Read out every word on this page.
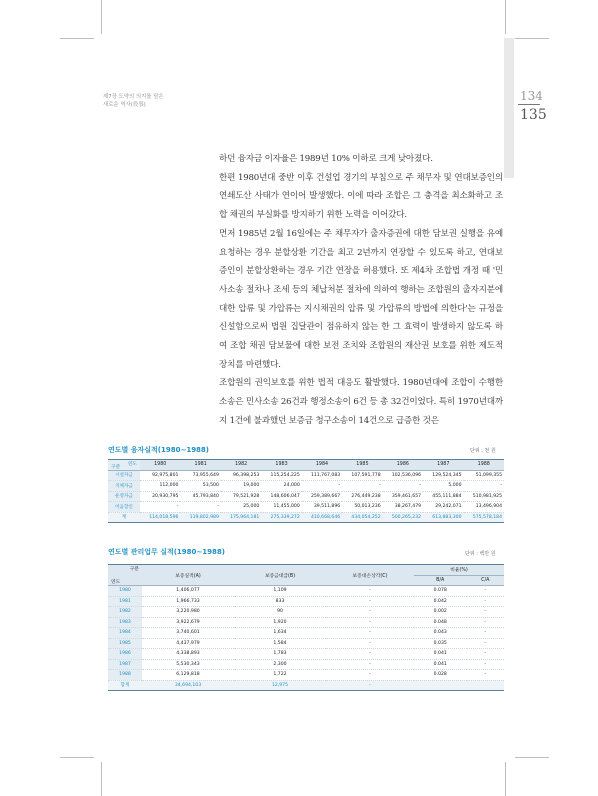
제7장 도약의 의지를 담은
새로운 역사(役事)
134
135

하던 융자금 이자율은 1989년 10% 이하로 크게 낮아졌다.

한편 1980년대 중반 이후 건설업 경기의 부침으로 주 채무자 및 연대보증인의 연쇄도산 사태가 연이어 발생했다. 이에 따라 조합은 그 충격을 최소화하고 조합 채권의 부실화를 방지하기 위한 노력을 이어갔다.

먼저 1985년 2월 16일에는 주 채무자가 출자증권에 대한 담보권 실행을 유예 요청하는 경우 분할상환 기간을 최고 2년까지 연장할 수 있도록 하고, 연대보증인이 분할상환하는 경우 기간 연장을 허용했다. 또 제4차 조합법 개정 때 '민사소송 절차나 조세 등의 체납처분 절차에 의하여 행하는 조합원의 출자지분에 대한 압류 및 가압류는 지시채권의 압류 및 가압류의 방법에 의한다'는 규정을 신설함으로써 법원 집달관이 점유하지 않는 한 그 효력이 발생하지 않도록 하여 조합 채권 담보물에 대한 보전 조치와 조합원의 재산권 보호를 위한 제도적 장치를 마련했다.

조합원의 권익보호를 위한 법적 대응도 활발했다. 1980년대에 조합이 수행한 소송은 민사소송 26건과 행정소송이 6건 등 총 32건이었다. 특히 1970년대까지 1건에 불과했던 보증금 청구소송이 14건으로 급증한 것은

연도별 융자실적(1980~1988)	단위 : 천 원
연도
구분	1980	1981	1982	1983	1984	1985	1986	1987	1988
시설자금	92,975,801	73,955,649	96,398,253	115,254,225	111,767,083	107,591,778	102,536,096	129,524,345	51,099,355
지체자금	112,000	53,500	19,000	24,000	-	-	-	5,000	-
운영자금	20,930,795	45,793,840	79,521,928	148,606,047	259,389,667	276,449,238	359,461,657	455,111,884	510,981,925
어음할인	-	-	25,000	11,455,000	39,511,896	50,013,236	38,267,479	29,242,071	13,496,904
계	114,018,596	119,802,989	175,964,181	275,339,272	410,668,646	434,054,252	500,265,232	613,883,300	575,578,184
연도별 관리업무 실적(1980~1988)	단위 : 백만 원
구분
연도	보증실적(A)	보증금대급(B)	보증대손상각(C)	비율(%)	
				B/A	C/A
1980	1,406,077	1,109	-	0.078	-
1981	1,966,733	833	-	0.042	-
1982	3,220,980	90	-	0.002	-
1983	3,922,679	1,920	-	0.048	-
1984	3,740,601	1,634	-	0.043	-
1985	4,437,979	1,584	-	0.035	-
1986	4,338,893	1,783	-	0.041	-
1987	5,530,343	2,300	-	0.041	-
1988	6,129,818	1,722	-	0.028	-
합계	34,694,103	12,975	-		
